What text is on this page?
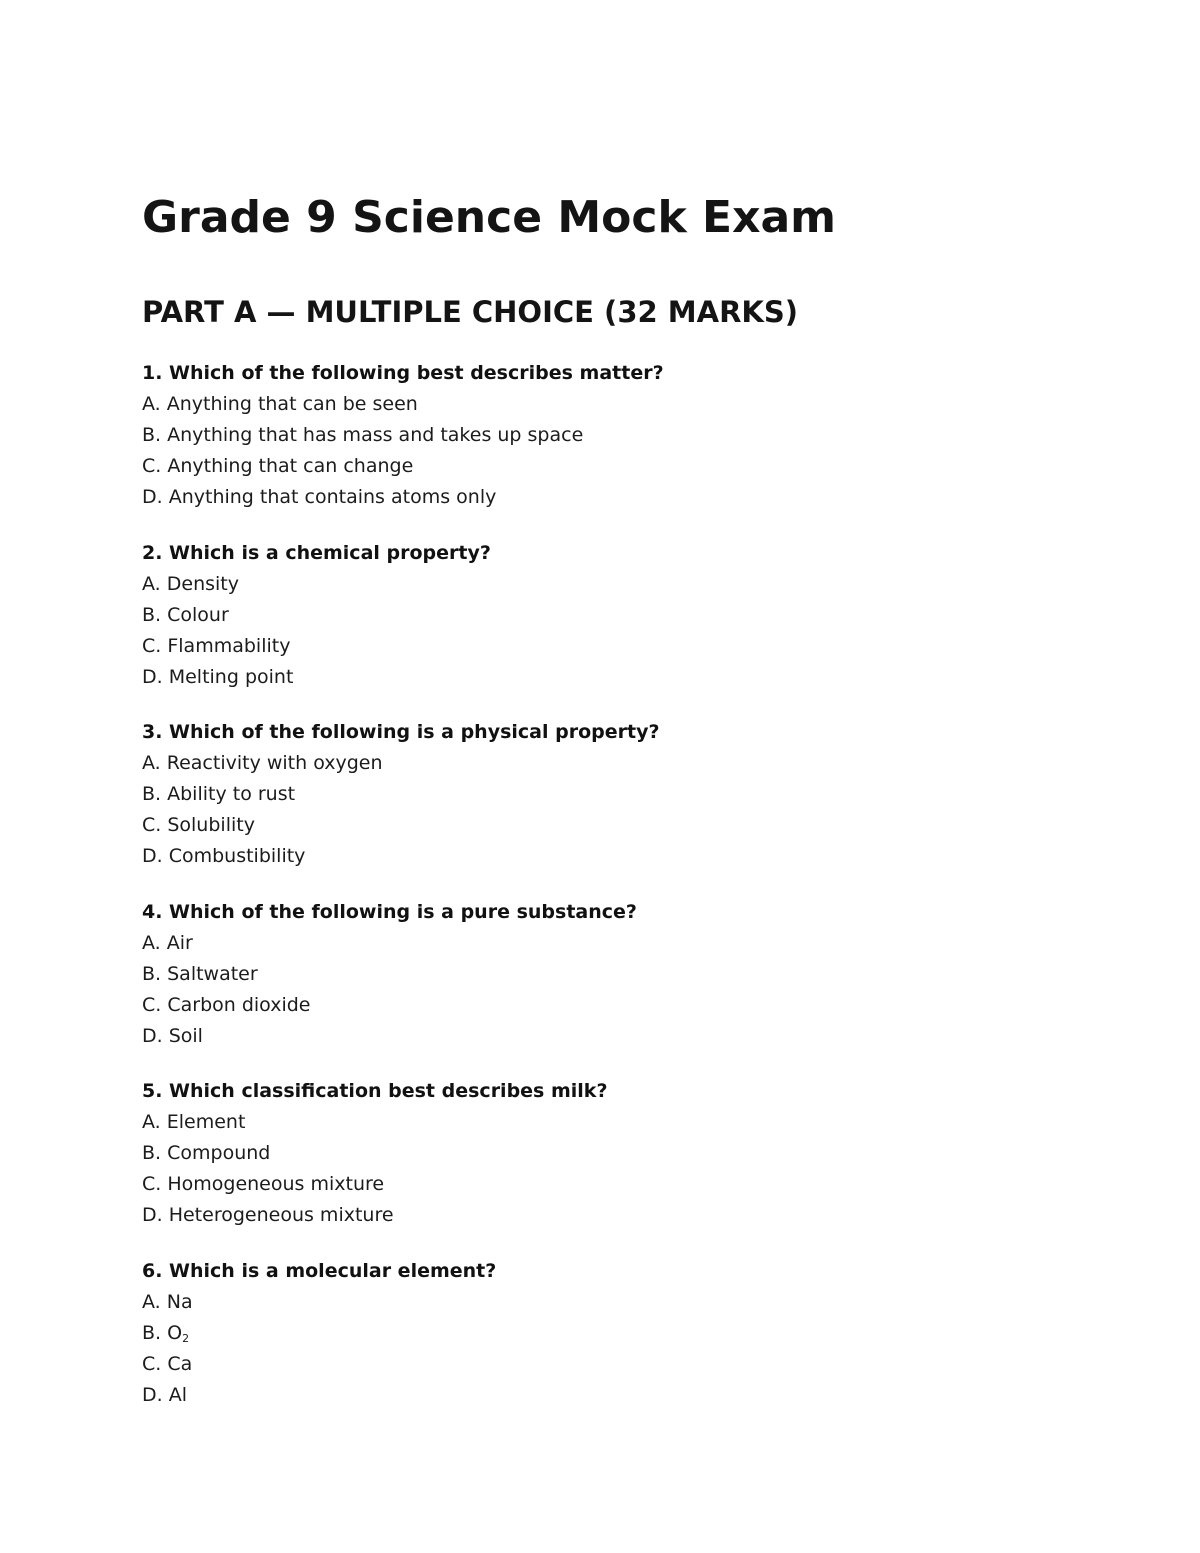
Grade 9 Science Mock Exam
PART A — MULTIPLE CHOICE (32 MARKS)
1. Which of the following best describes matter?
A. Anything that can be seen
B. Anything that has mass and takes up space
C. Anything that can change
D. Anything that contains atoms only
2. Which is a chemical property?
A. Density
B. Colour
C. Flammability
D. Melting point
3. Which of the following is a physical property?
A. Reactivity with oxygen
B. Ability to rust
C. Solubility
D. Combustibility
4. Which of the following is a pure substance?
A. Air
B. Saltwater
C. Carbon dioxide
D. Soil
5. Which classification best describes milk?
A. Element
B. Compound
C. Homogeneous mixture
D. Heterogeneous mixture
6. Which is a molecular element?
A. Na
B. $O_2$
C. Ca
D. Al
